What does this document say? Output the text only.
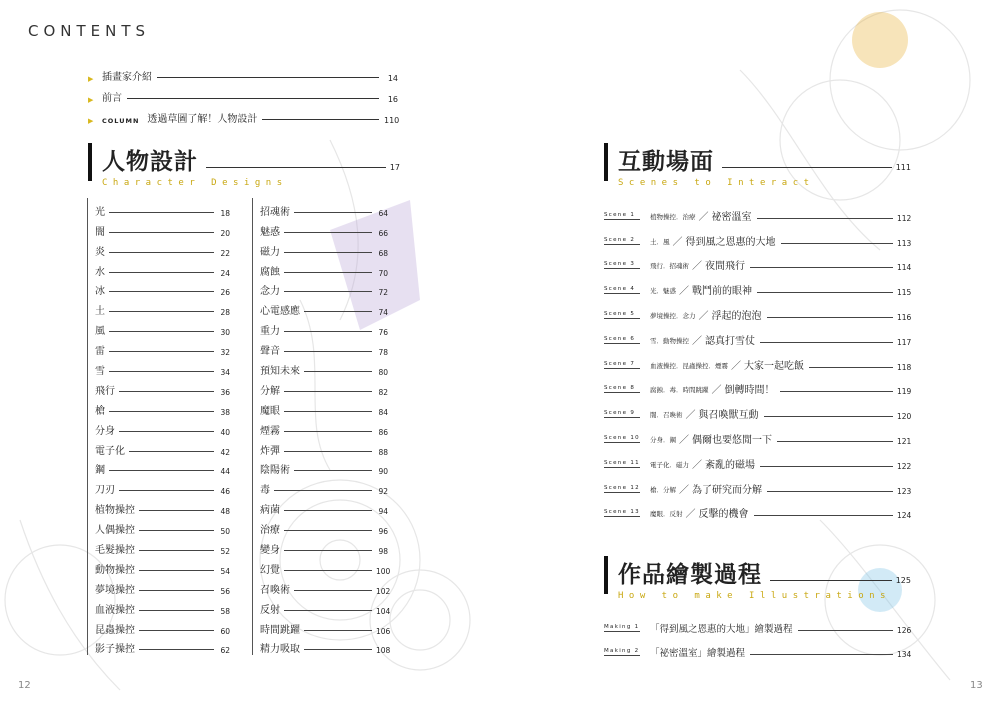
CONTENTS
▶ 插畫家介紹	14
▶ 前言	16
▶	COLUMN 透過草圖了解！人物設計	110
人物設計	17
Character Designs
光	18
闇	20
炎	22
水	24
冰	26
土	28
風	30
雷	32
雪	34
飛行	36
槍	38
分身	40
電子化	42
鋼	44
刀刃	46
植物操控	48
人偶操控	50
毛髮操控	52
動物操控	54
夢境操控	56
血液操控	58
昆蟲操控	60
影子操控	62
招魂術	64
魅惑	66
磁力	68
腐蝕	70
念力	72
心電感應	74
重力	76
聲音	78
預知未來	80
分解	82
魔眼	84
煙霧	86
炸彈	88
陰陽術	90
毒	92
病菌	94
治療	96
變身	98
幻覺	100
召喚術	102
反射	104
時間跳躍	106
精力吸取	108
互動場面	111
Scenes to Interact
Scene 1	植物操控．治療 ／ 祕密溫室	112
Scene 2	土．風 ／ 得到風之恩惠的大地	113
Scene 3	飛行．招魂術 ／ 夜間飛行	114
Scene 4	光．魅惑 ／ 戰鬥前的眼神	115
Scene 5	夢境操控．念力 ／ 浮起的泡泡	116
Scene 6	雪．動物操控 ／ 認真打雪仗	117
Scene 7	血液操控．昆蟲操控．煙霧 ／ 大家一起吃飯	118
Scene 8	腐蝕．毒．時間跳躍 ／ 倒轉時間！	119
Scene 9	闇．召喚術 ／ 與召喚獸互動	120
Scene 10 分身．鋼 ／ 偶爾也要悠閒一下	121
Scene 11 電子化．磁力 ／ 紊亂的磁場	122
Scene 12 槍．分解 ／ 為了研究而分解	123
Scene 13 魔眼．反射 ／ 反擊的機會	124
作品繪製過程	125
How to make Illustrations
Making 1 「得到風之恩惠的大地」繪製過程	126
Making 2 「祕密溫室」繪製過程	134
12	13
